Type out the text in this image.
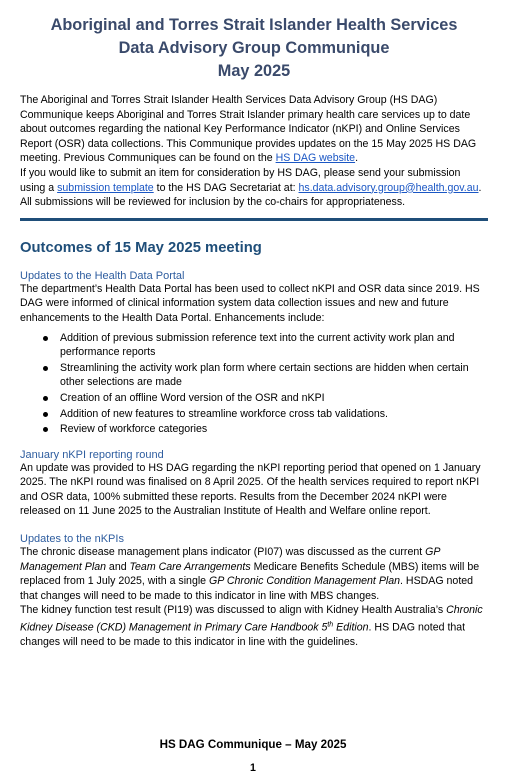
Aboriginal and Torres Strait Islander Health Services
Data Advisory Group Communique
May 2025

The Aboriginal and Torres Strait Islander Health Services Data Advisory Group (HS DAG) Communique keeps Aboriginal and Torres Strait Islander primary health care services up to date about outcomes regarding the national Key Performance Indicator (nKPI) and Online Services Report (OSR) data collections. This Communique provides updates on the 15 May 2025 HS DAG meeting. Previous Communiques can be found on the HS DAG website.

If you would like to submit an item for consideration by HS DAG, please send your submission using a submission template to the HS DAG Secretariat at: hs.data.advisory.group@health.gov.au. All submissions will be reviewed for inclusion by the co-chairs for appropriateness.

Outcomes of 15 May 2025 meeting
Updates to the Health Data Portal

The department’s Health Data Portal has been used to collect nKPI and OSR data since 2019. HS DAG were informed of clinical information system data collection issues and new and future enhancements to the Health Data Portal. Enhancements include:

Addition of previous submission reference text into the current activity work plan and performance reports
Streamlining the activity work plan form where certain sections are hidden when certain other selections are made
Creation of an offline Word version of the OSR and nKPI
Addition of new features to streamline workforce cross tab validations.
Review of workforce categories
January nKPI reporting round

An update was provided to HS DAG regarding the nKPI reporting period that opened on 1 January 2025. The nKPI round was finalised on 8 April 2025. Of the health services required to report nKPI and OSR data, 100% submitted these reports. Results from the December 2024 nKPI were released on 11 June 2025 to the Australian Institute of Health and Welfare online report.

Updates to the nKPIs

The chronic disease management plans indicator (PI07) was discussed as the current GP Management Plan and Team Care Arrangements Medicare Benefits Schedule (MBS) items will be replaced from 1 July 2025, with a single GP Chronic Condition Management Plan. HSDAG noted that changes will need to be made to this indicator in line with MBS changes.

The kidney function test result (PI19) was discussed to align with Kidney Health Australia’s Chronic Kidney Disease (CKD) Management in Primary Care Handbook 5th Edition. HS DAG noted that changes will need to be made to this indicator in line with the guidelines.

HS DAG Communique – May 2025
1
